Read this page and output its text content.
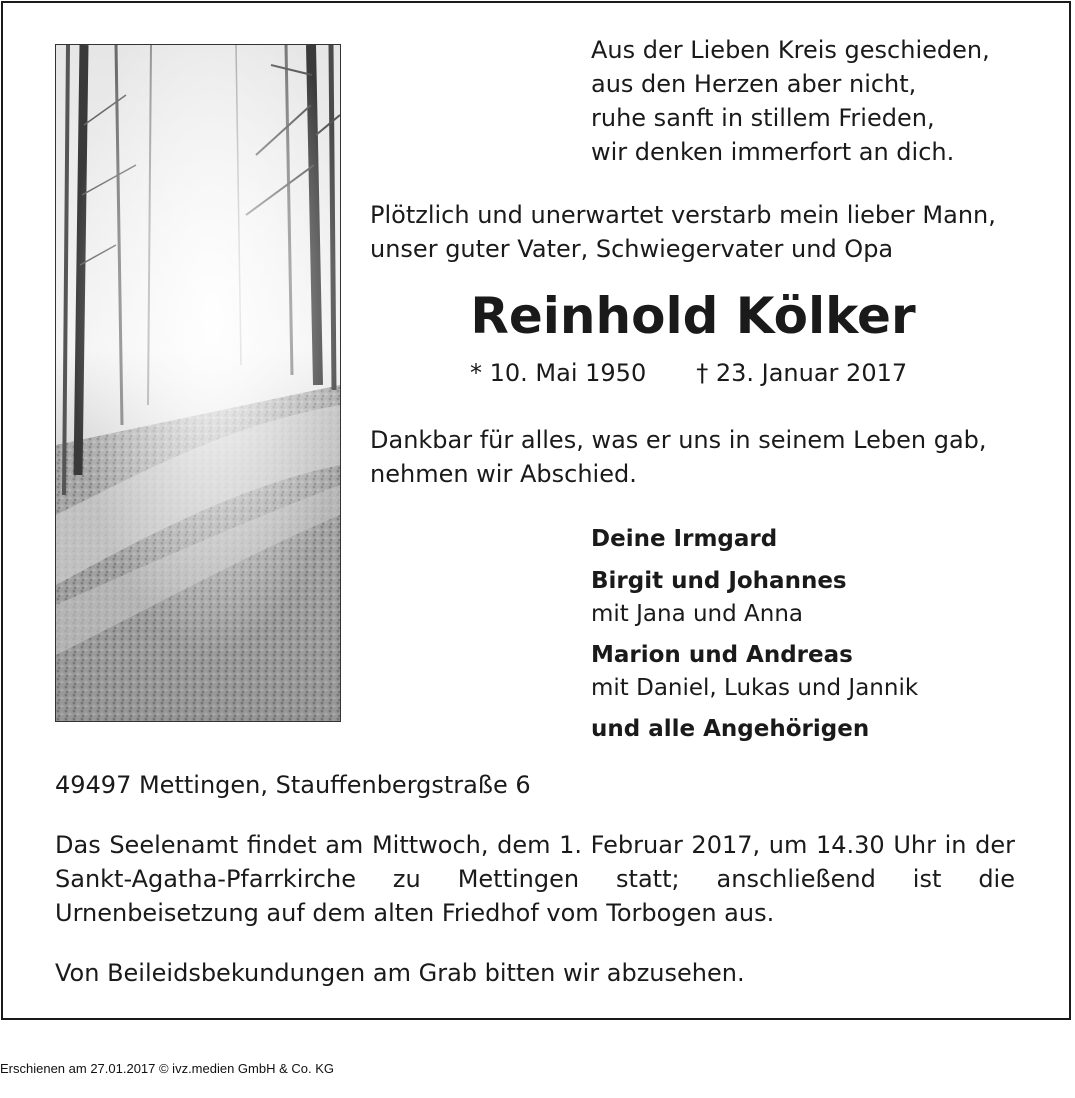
Aus der Lieben Kreis geschieden,
aus den Herzen aber nicht,
ruhe sanft in stillem Frieden,
wir denken immerfort an dich.
Plötzlich und unerwartet verstarb mein lieber Mann,
unser guter Vater, Schwiegervater und Opa
Reinhold Kölker
* 10. Mai 1950 † 23. Januar 2017
Dankbar für alles, was er uns in seinem Leben gab,
nehmen wir Abschied.
Deine Irmgard
Birgit und Johannes
mit Jana und Anna
Marion und Andreas
mit Daniel, Lukas und Jannik
und alle Angehörigen
49497 Mettingen, Stauffenbergstraße 6
Das Seelenamt findet am Mittwoch, dem 1. Februar 2017, um 14.30 Uhr in der Sankt-Agatha-Pfarrkirche zu Mettingen statt; anschließend ist die Urnenbeisetzung auf dem alten Friedhof vom Torbogen aus.
Von Beileidsbekundungen am Grab bitten wir abzusehen.
Erschienen am 27.01.2017 © ivz.medien GmbH & Co. KG
